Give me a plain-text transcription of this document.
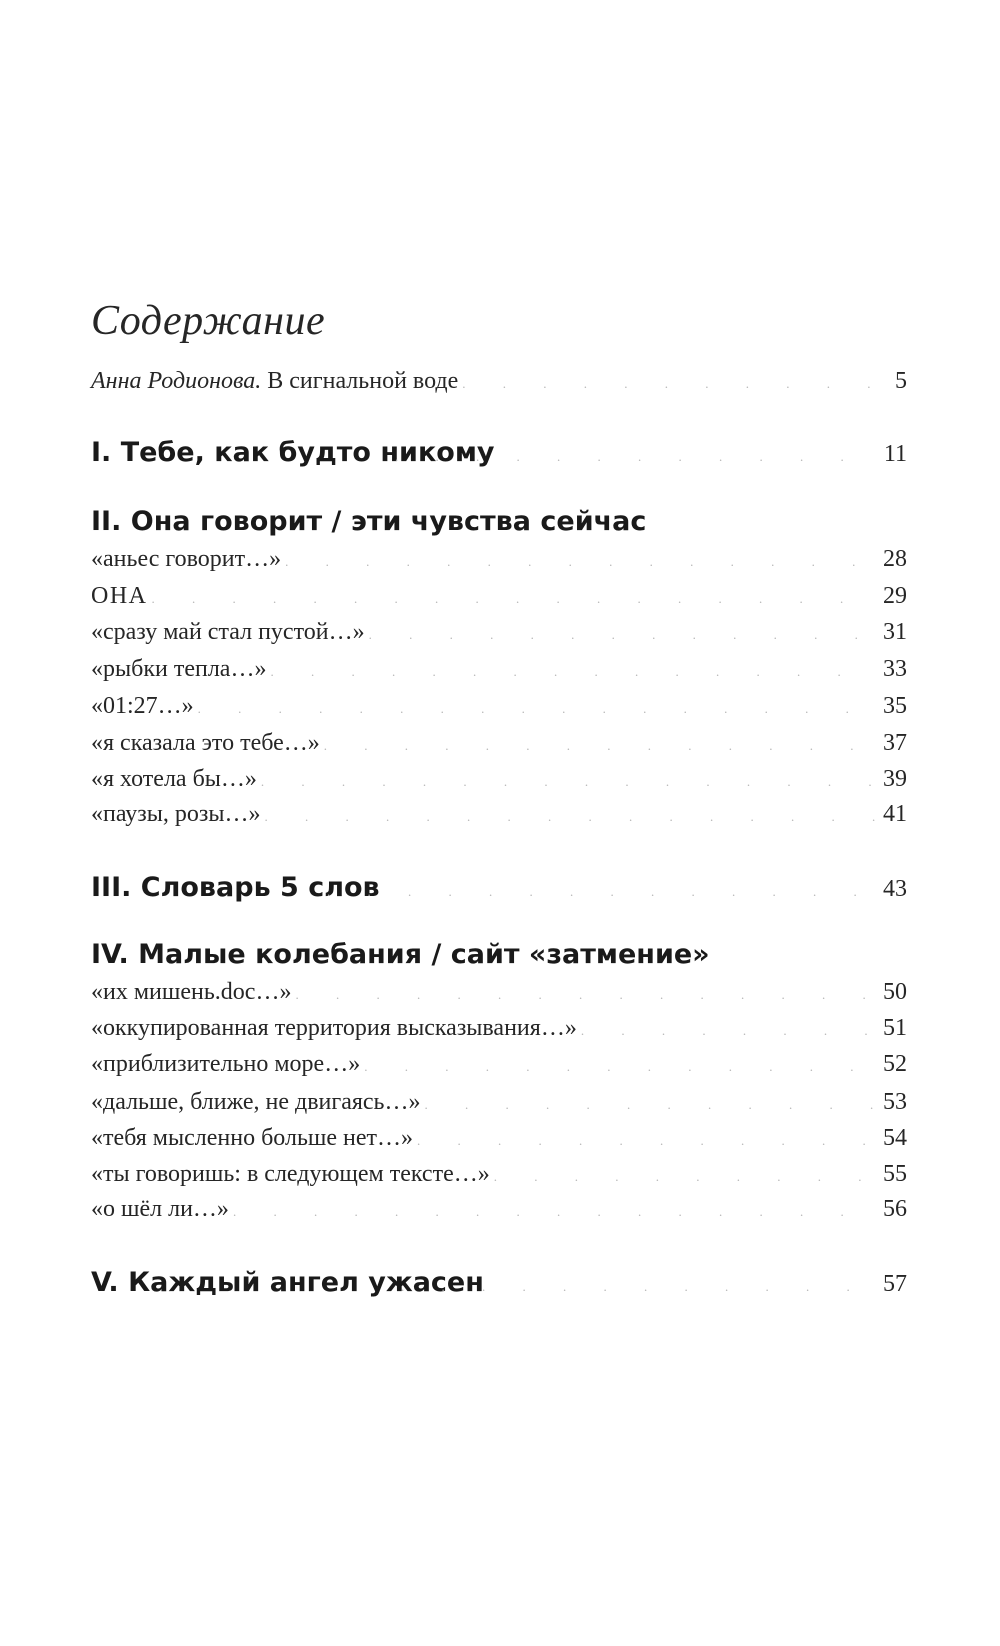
Содержание
Анна Родионова. В сигнальной воде . . .	5
I. Тебе, как будто никому . . .	11
II. Она говорит / эти чувства сейчас
«аньес говорит…» . . .	28
ОНА . . .	29
«сразу май стал пустой…» . . .	31
«рыбки тепла…» . . .	33
«01:27…» . . .	35
«я сказала это тебе…» . . .	37
«я хотела бы…» . . .	39
«паузы, розы…» . . .	41
III. Словарь 5 слов . . .	43
IV. Малые колебания / сайт «затмение»
«их мишень.doc…» . . .	50
«оккупированная территория высказывания…» . . .	51
«приблизительно море…» . . .	52
«дальше, ближе, не двигаясь…» . . .	53
«тебя мысленно больше нет…» . . .	54
«ты говоришь: в следующем тексте…» . . .	55
«о шёл ли…» . . .	56
V. Каждый ангел ужасен . . .	57
